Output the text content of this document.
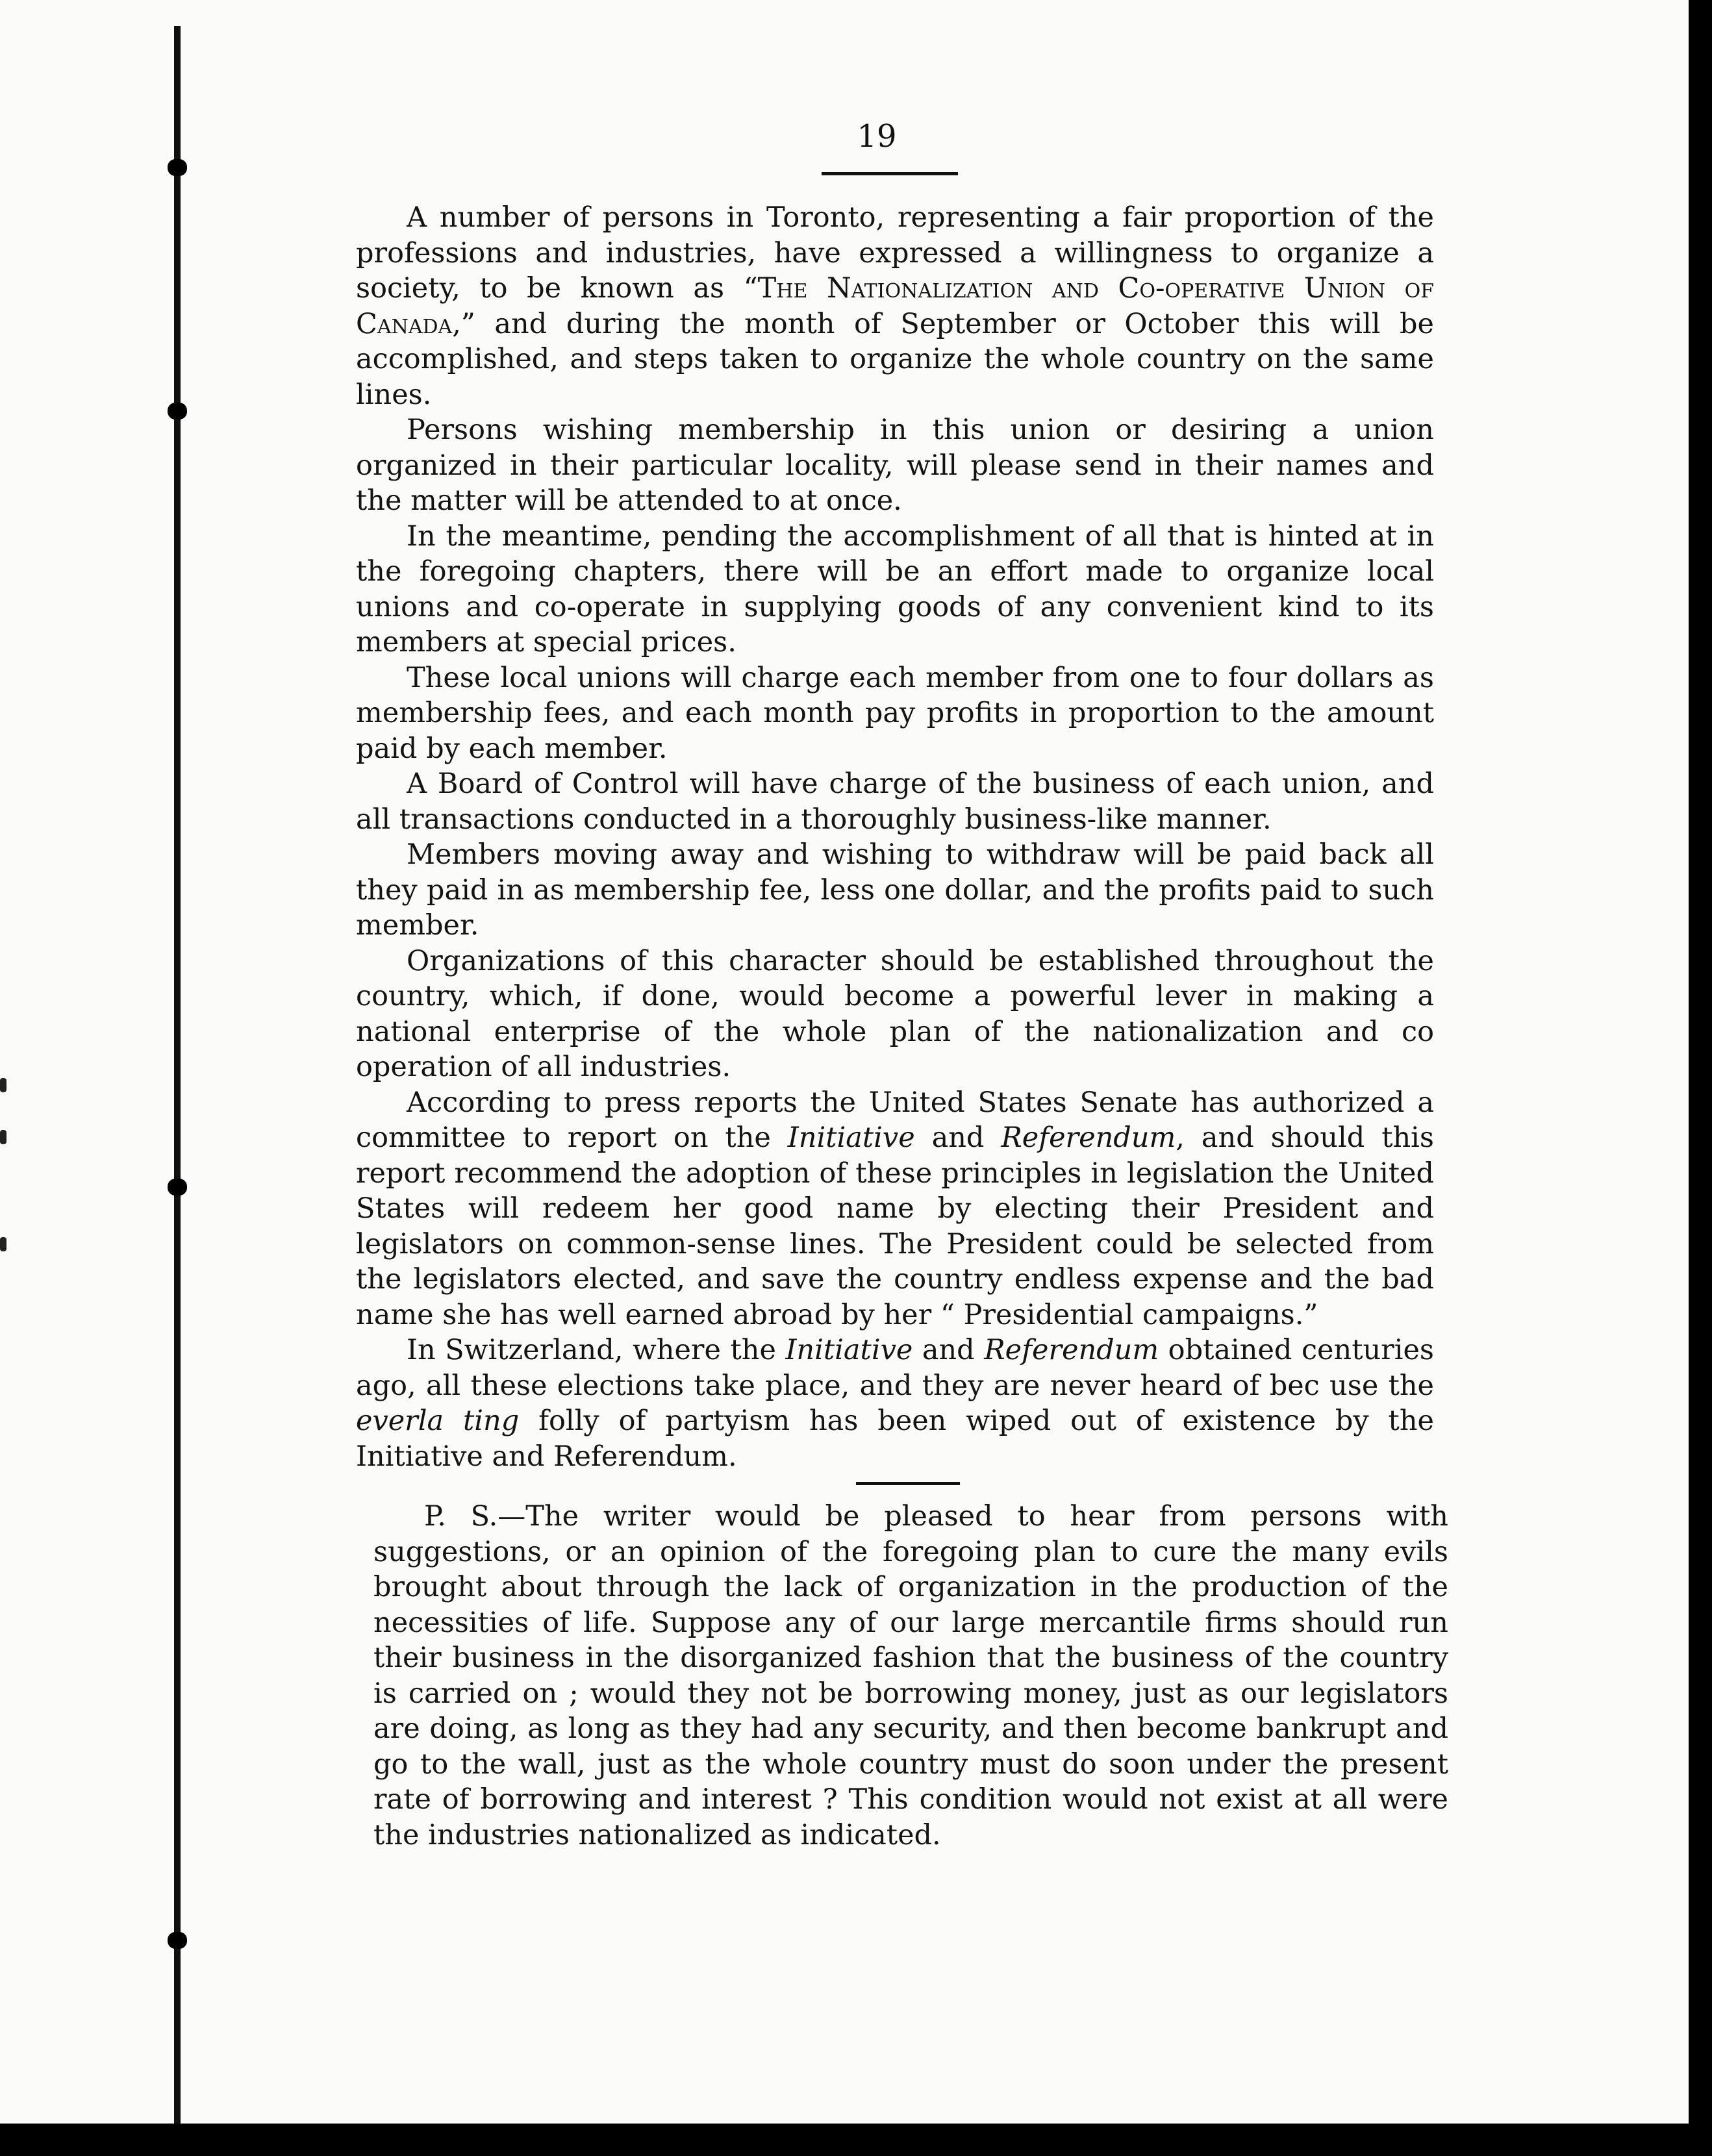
19

A number of persons in Toronto, representing a fair proportion of the professions and industries, have expressed a willingness to organize a society, to be known as “The Nationalization and Co-operative Union of Canada,” and during the month of September or October this will be accomplished, and steps taken to organize the whole country on the same lines.

Persons wishing membership in this union or desiring a union organized in their particular locality, will please send in their names and the matter will be attended to at once.

In the meantime, pending the accomplishment of all that is hinted at in the foregoing chapters, there will be an effort made to organize local unions and co-operate in supplying goods of any convenient kind to its members at special prices.

These local unions will charge each member from one to four dollars as membership fees, and each month pay profits in proportion to the amount paid by each member.

A Board of Control will have charge of the business of each union, and all transactions conducted in a thoroughly business-like manner.

Members moving away and wishing to withdraw will be paid back all they paid in as membership fee, less one dollar, and the profits paid to such member.

Organizations of this character should be established throughout the country, which, if done, would become a powerful lever in making a national enterprise of the whole plan of the nationalization and co operation of all industries.

According to press reports the United States Senate has authorized a committee to report on the Initiative and Referendum, and should this report recommend the adoption of these principles in legislation the United States will redeem her good name by electing their President and legislators on common-sense lines. The President could be selected from the legislators elected, and save the country endless expense and the bad name she has well earned abroad by her “ Presidential campaigns.”

In Switzerland, where the Initiative and Referendum obtained centuries ago, all these elections take place, and they are never heard of bec use the everla ting folly of partyism has been wiped out of existence by the Initiative and Referendum.

P. S.—The writer would be pleased to hear from persons with suggestions, or an opinion of the foregoing plan to cure the many evils brought about through the lack of organization in the production of the necessities of life. Suppose any of our large mercantile firms should run their business in the disorganized fashion that the business of the country is carried on ; would they not be borrowing money, just as our legislators are doing, as long as they had any security, and then become bankrupt and go to the wall, just as the whole country must do soon under the present rate of borrowing and interest ? This condition would not exist at all were the industries nationalized as indicated.
